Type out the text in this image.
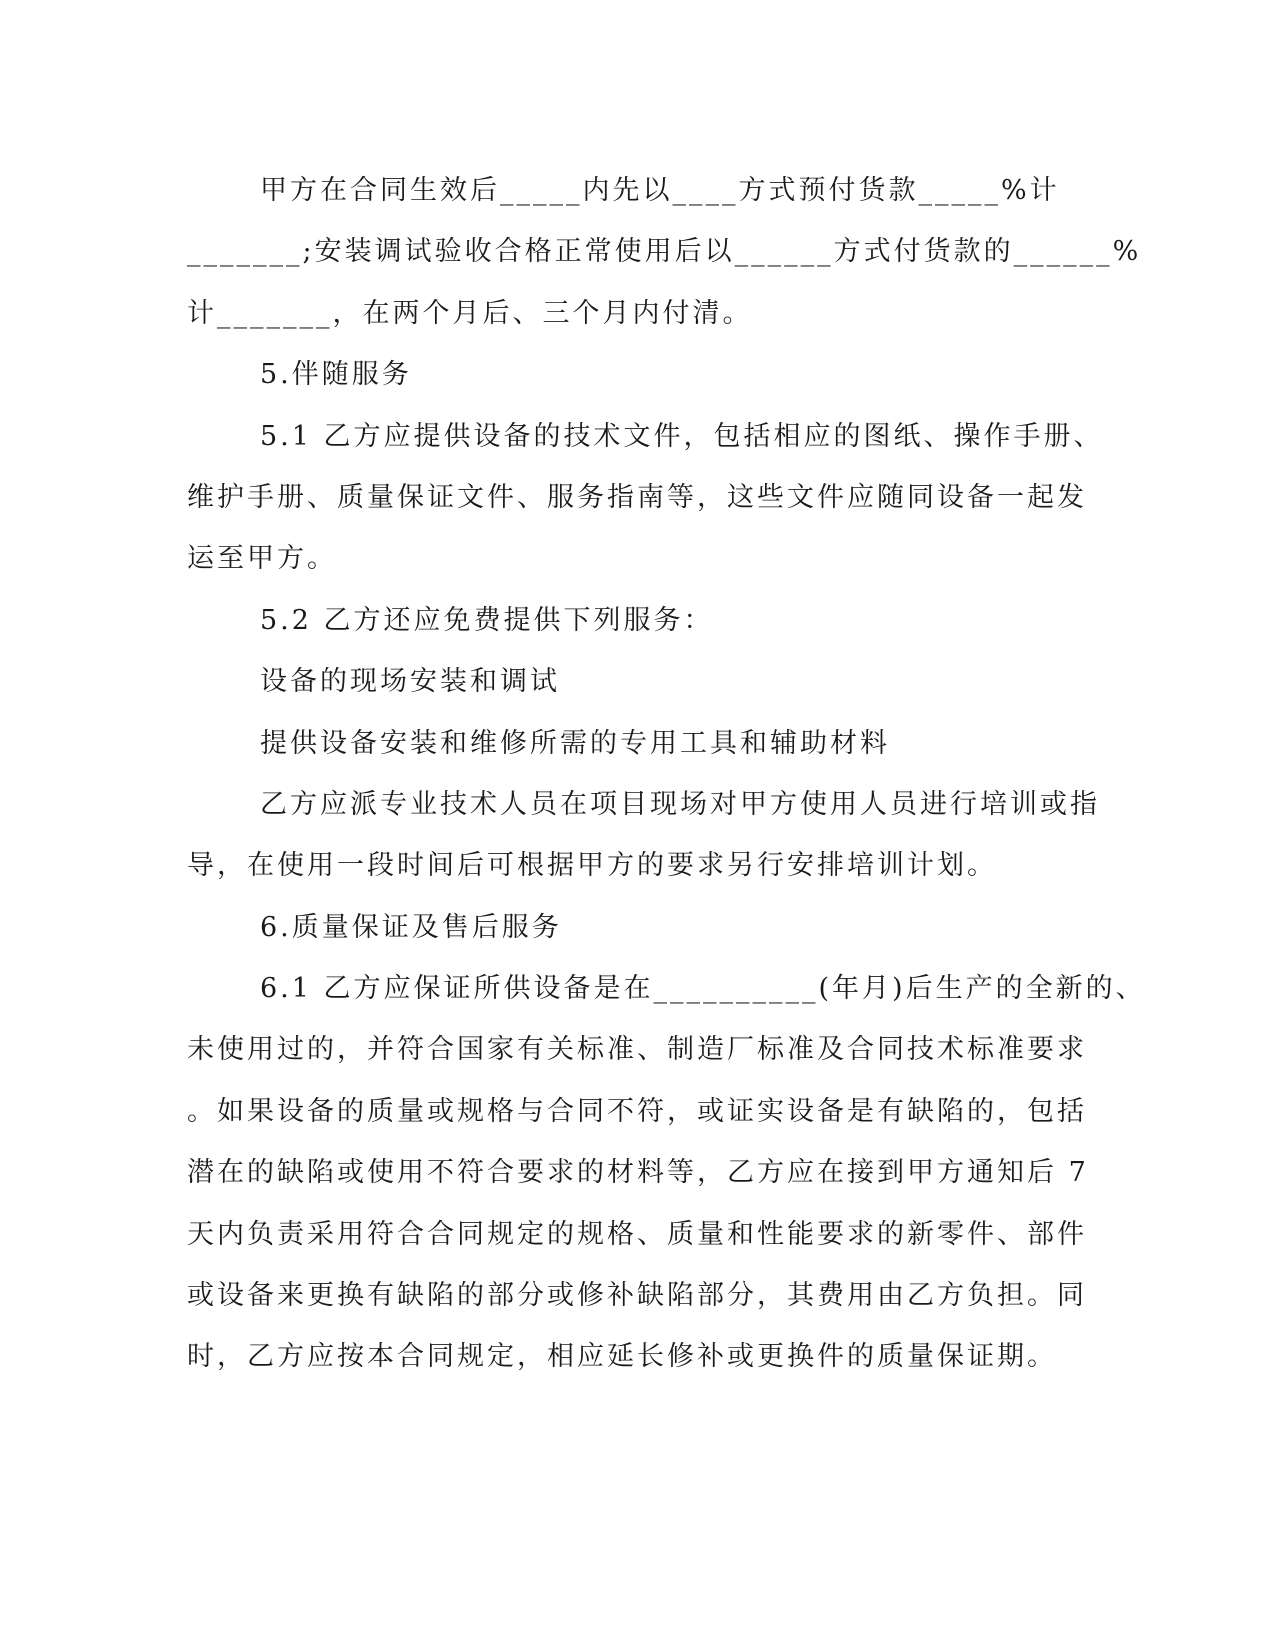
甲方在合同生效后_____内先以____方式预付货款_____%计
_______;安装调试验收合格正常使用后以______方式付货款的______%
计_______，在两个月后、三个月内付清。
5.伴随服务
5.1 乙方应提供设备的技术文件，包括相应的图纸、操作手册、
维护手册、质量保证文件、服务指南等，这些文件应随同设备一起发
运至甲方。
5.2 乙方还应免费提供下列服务：
设备的现场安装和调试
提供设备安装和维修所需的专用工具和辅助材料
乙方应派专业技术人员在项目现场对甲方使用人员进行培训或指
导，在使用一段时间后可根据甲方的要求另行安排培训计划。
6.质量保证及售后服务
6.1 乙方应保证所供设备是在__________(年月)后生产的全新的、
未使用过的，并符合国家有关标准、制造厂标准及合同技术标准要求
。如果设备的质量或规格与合同不符，或证实设备是有缺陷的，包括
潜在的缺陷或使用不符合要求的材料等，乙方应在接到甲方通知后 7
天内负责采用符合合同规定的规格、质量和性能要求的新零件、部件
或设备来更换有缺陷的部分或修补缺陷部分，其费用由乙方负担。同
时，乙方应按本合同规定，相应延长修补或更换件的质量保证期。
